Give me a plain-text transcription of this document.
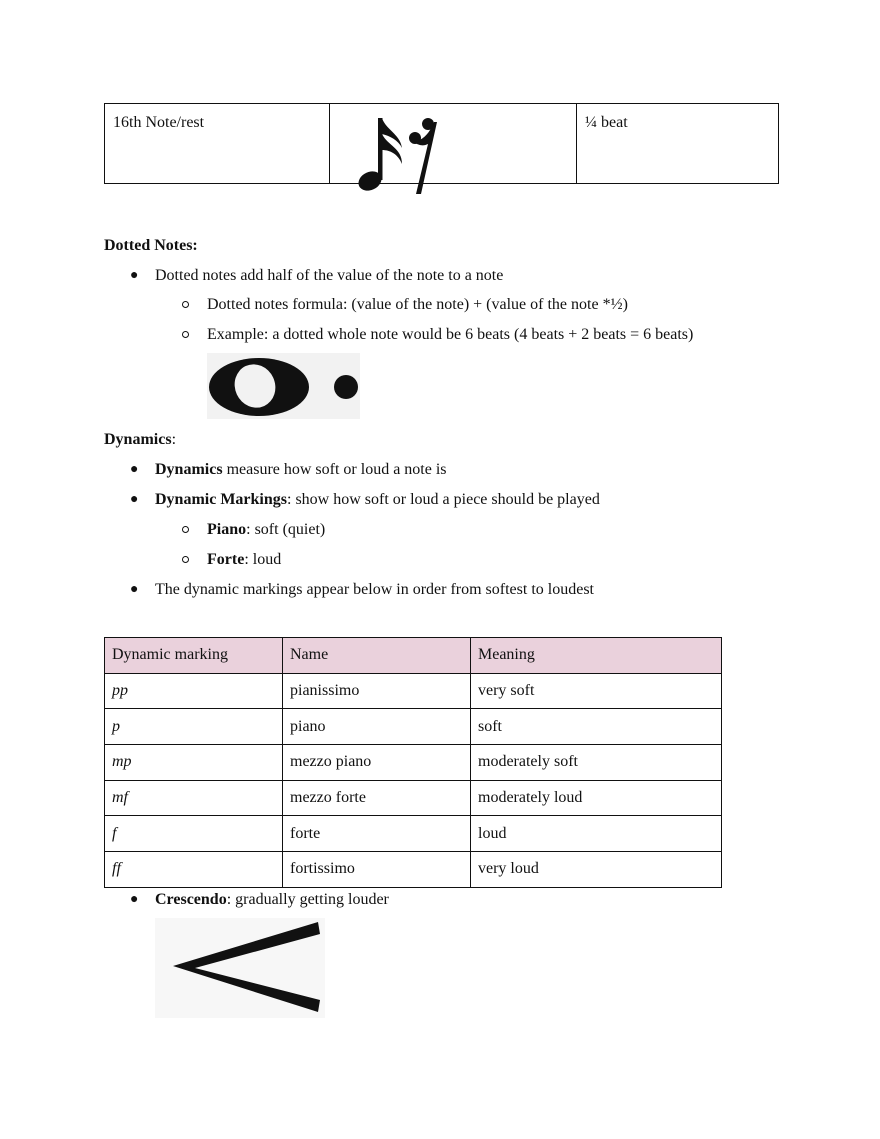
16th Note/rest		¼ beat
Dotted Notes:
● Dotted notes add half of the value of the note to a note
Dotted notes formula: (value of the note) + (value of the note *½)
Example: a dotted whole note would be 6 beats (4 beats + 2 beats = 6 beats)
Dynamics:
● Dynamics measure how soft or loud a note is
● Dynamic Markings: show how soft or loud a piece should be played
Piano: soft (quiet)
Forte: loud
● The dynamic markings appear below in order from softest to loudest
Dynamic marking	Name	Meaning
pp	pianissimo	very soft
p	piano	soft
mp	mezzo piano	moderately soft
mf	mezzo forte	moderately loud
f	forte	loud
ff	fortissimo	very loud
● Crescendo: gradually getting louder
